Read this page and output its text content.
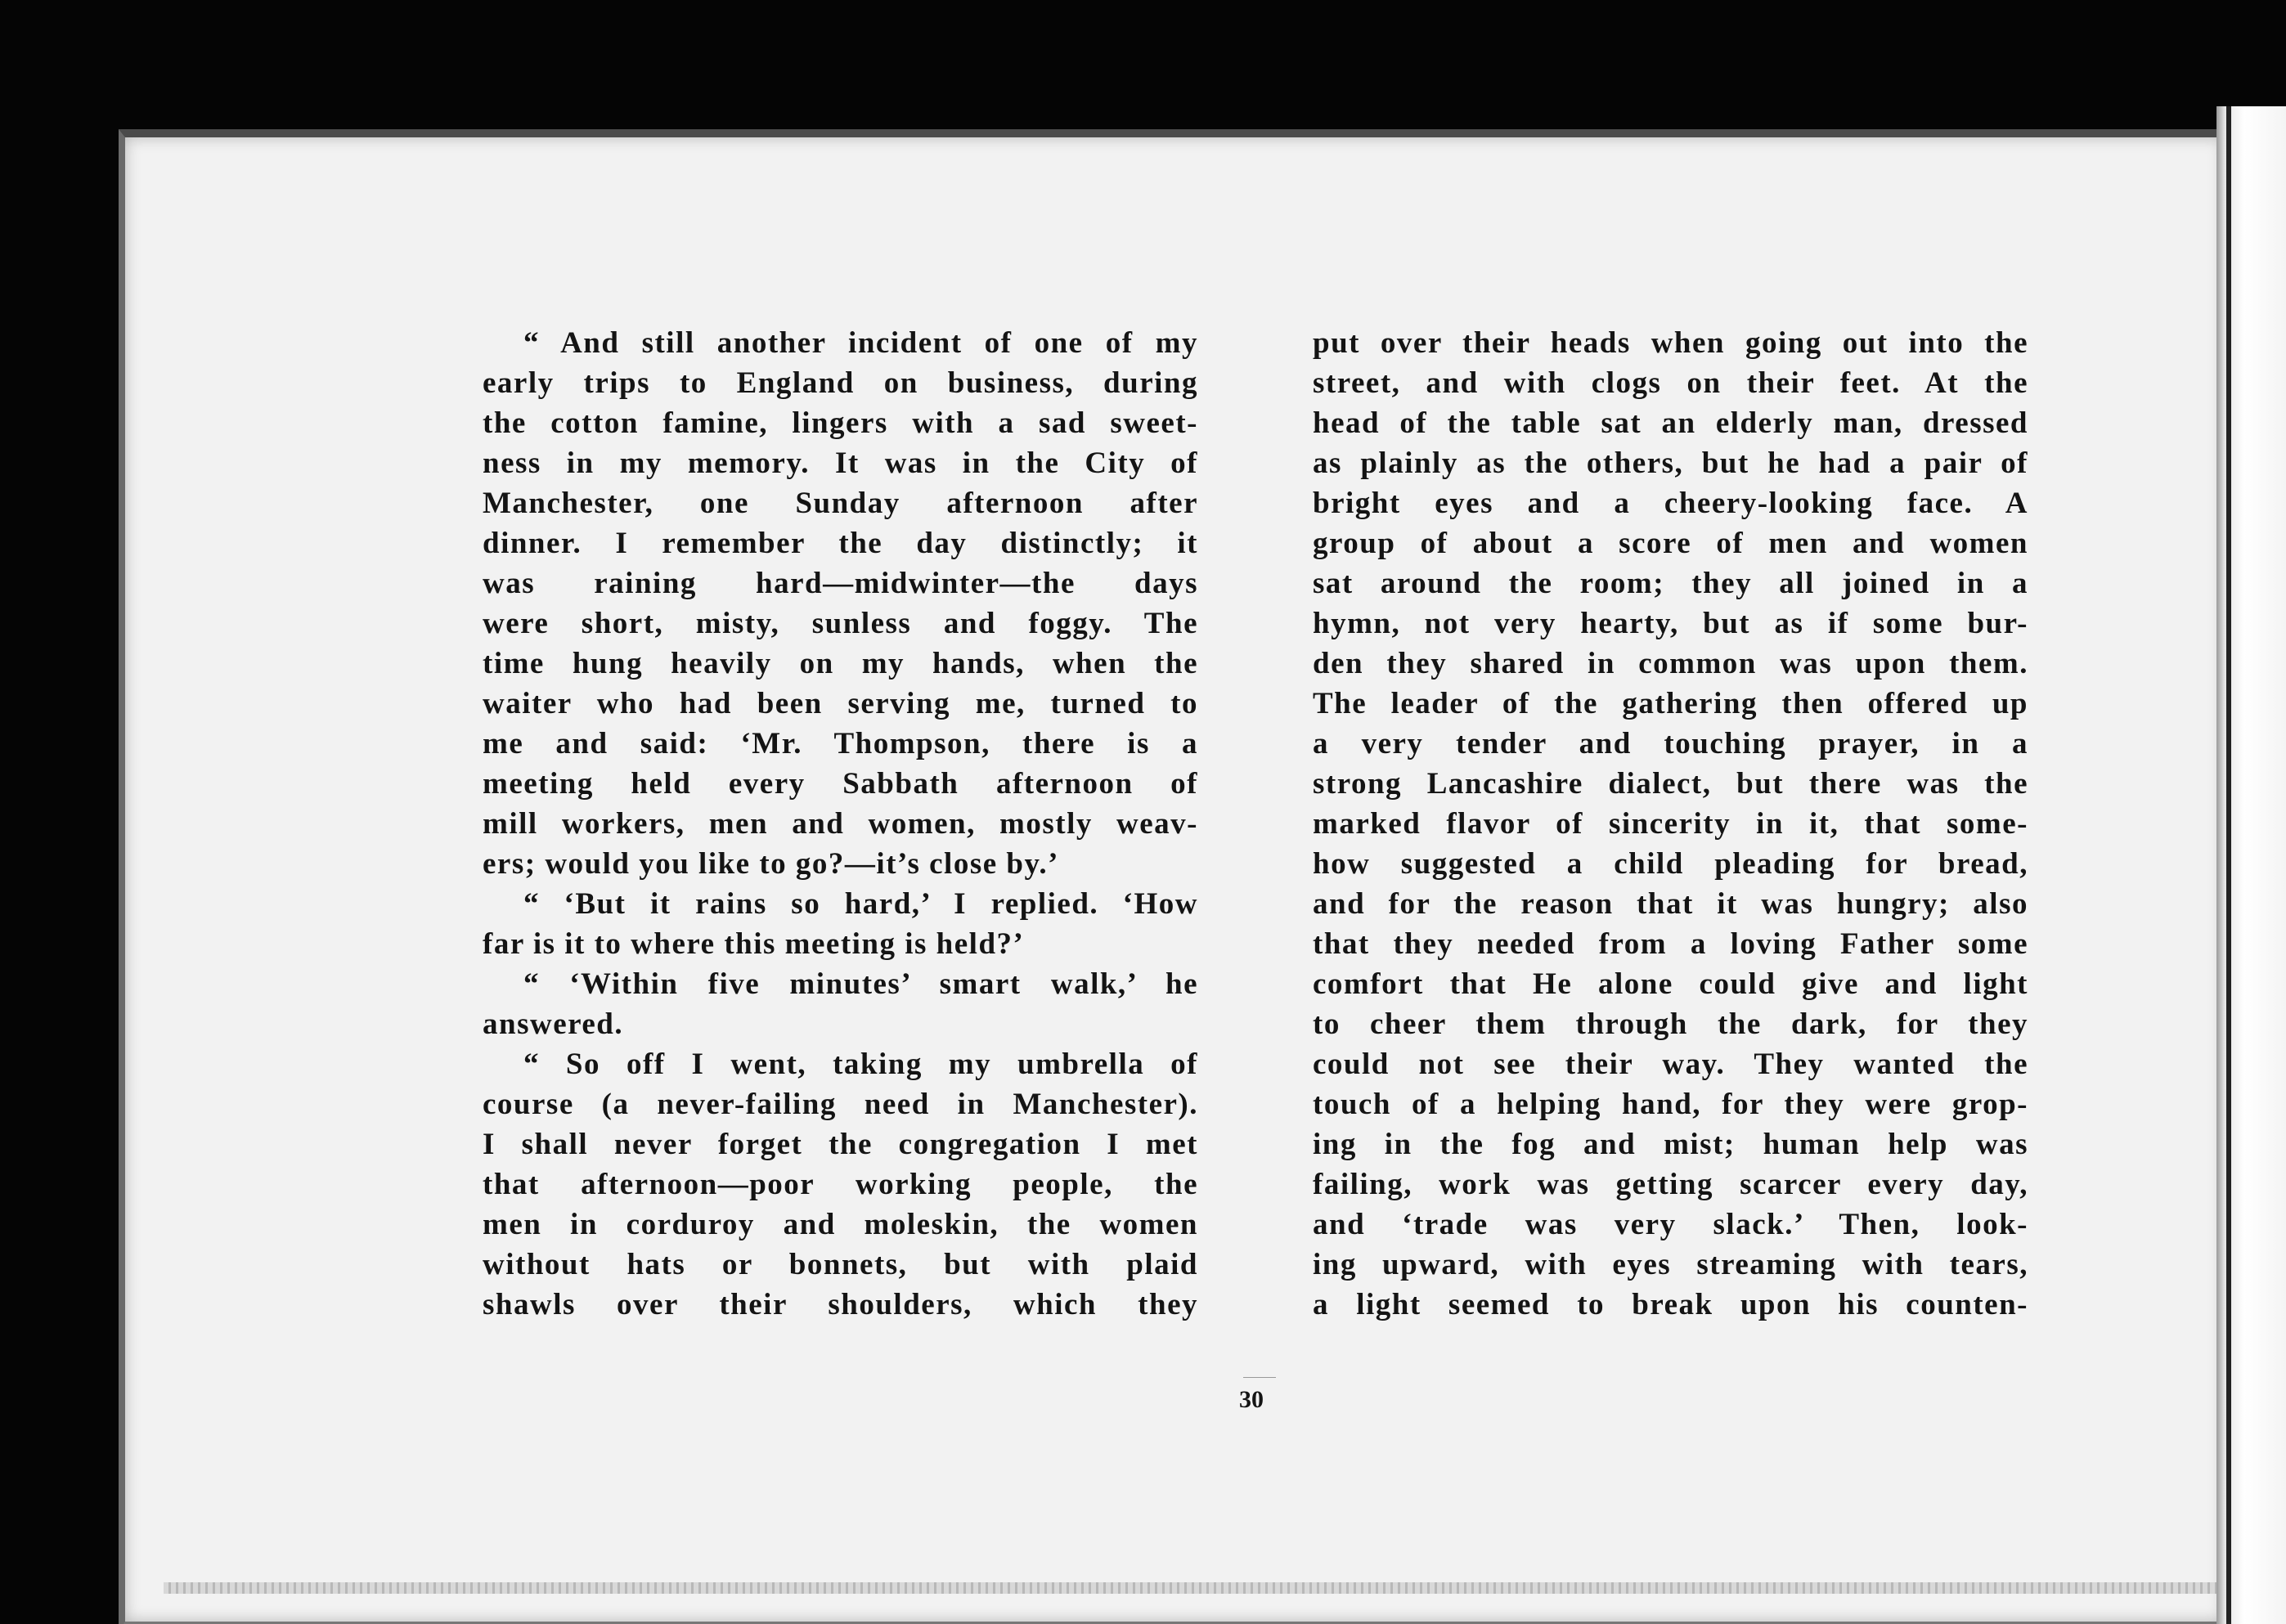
“ And still another incident of one of my
early trips to England on business, during
the cotton famine, lingers with a sad sweet-
ness in my memory. It was in the City of
Manchester, one Sunday afternoon after
dinner. I remember the day distinctly; it
was raining hard—midwinter—the days
were short, misty, sunless and foggy. The
time hung heavily on my hands, when the
waiter who had been serving me, turned to
me and said: ‘Mr. Thompson, there is a
meeting held every Sabbath afternoon of
mill workers, men and women, mostly weav-
ers; would you like to go?—it’s close by.’
“ ‘But it rains so hard,’ I replied. ‘How
far is it to where this meeting is held?’
“ ‘Within five minutes’ smart walk,’ he
answered.
“ So off I went, taking my umbrella of
course (a never-failing need in Manchester).
I shall never forget the congregation I met
that afternoon—poor working people, the
men in corduroy and moleskin, the women
without hats or bonnets, but with plaid
shawls over their shoulders, which they
put over their heads when going out into the
street, and with clogs on their feet. At the
head of the table sat an elderly man, dressed
as plainly as the others, but he had a pair of
bright eyes and a cheery-looking face. A
group of about a score of men and women
sat around the room; they all joined in a
hymn, not very hearty, but as if some bur-
den they shared in common was upon them.
The leader of the gathering then offered up
a very tender and touching prayer, in a
strong Lancashire dialect, but there was the
marked flavor of sincerity in it, that some-
how suggested a child pleading for bread,
and for the reason that it was hungry; also
that they needed from a loving Father some
comfort that He alone could give and light
to cheer them through the dark, for they
could not see their way. They wanted the
touch of a helping hand, for they were grop-
ing in the fog and mist; human help was
failing, work was getting scarcer every day,
and ‘trade was very slack.’ Then, look-
ing upward, with eyes streaming with tears,
a light seemed to break upon his counten-
30
